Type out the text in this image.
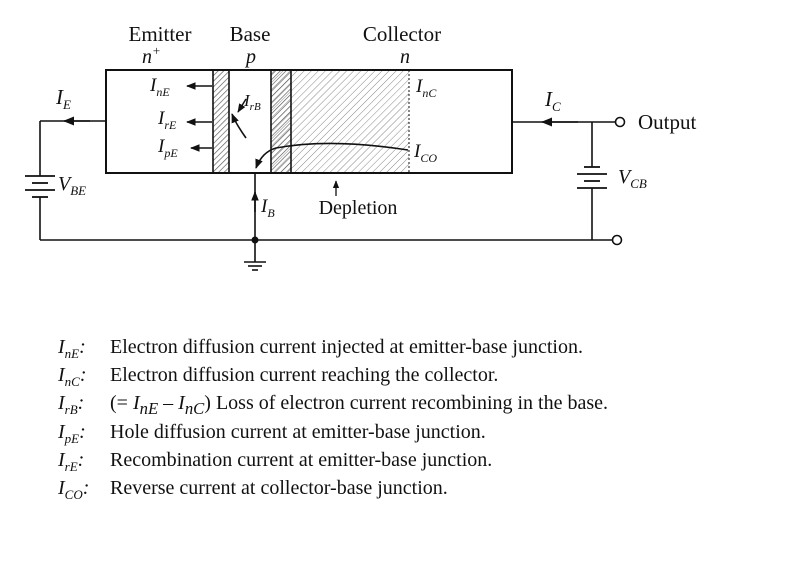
Emitter
n+
Base
p
Collector
n
$I_{nE}$
$I_{rE}$
$I_{pE}$
$I_{rB}$
$I_{nC}$
$I_{CO}$
$I_E$
$V_{BE}$
$I_B$ Depletion
$I_C$
Output
$V_{CB}$
$I_{nE}$: Electron diffusion current injected at emitter-base junction.
$I_{nC}$: Electron diffusion current reaching the collector.
$I_{rB}$: (= $I_{nE} - I_{nC}$) Loss of electron current recombining in the base.
$I_{pE}$: Hole diffusion current at emitter-base junction.
$I_{rE}$: Recombination current at emitter-base junction.
$I_{CO}$: Reverse current at collector-base junction.
